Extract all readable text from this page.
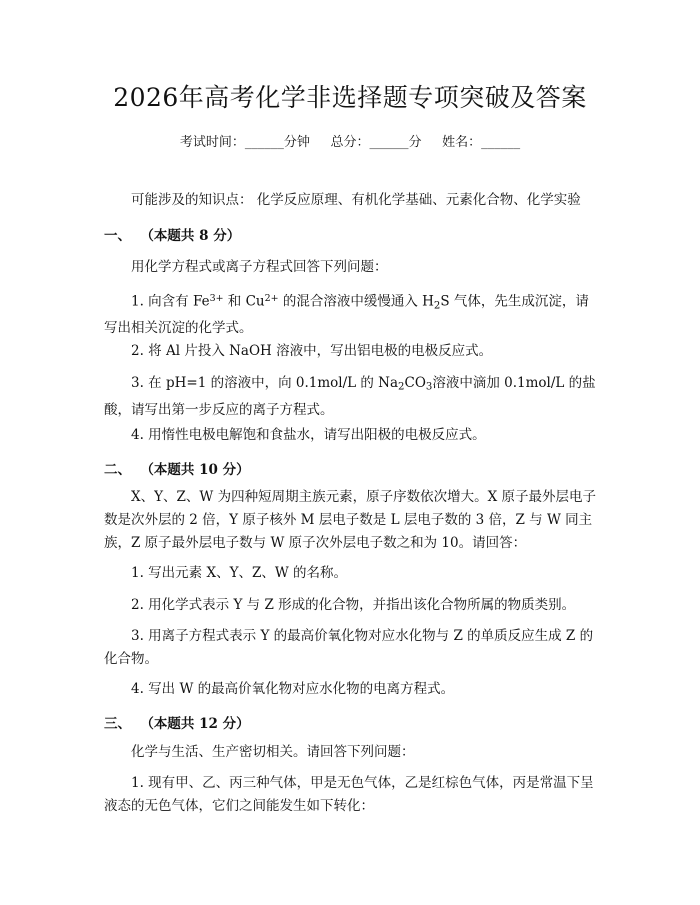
2026年高考化学非选择题专项突破及答案
考试时间：______分钟     总分：______分     姓名：______
可能涉及的知识点： 化学反应原理、有机化学基础、元素化合物、化学实验
一、  （本题共 8 分）
用化学方程式或离子方程式回答下列问题：
1. 向含有 $Fe^{3+}$ 和 $Cu^{2+}$ 的混合溶液中缓慢通入 $H_2S$ 气体，先生成沉淀，请写出相关沉淀的化学式。
2. 将 Al 片投入 NaOH 溶液中，写出铝电极的电极反应式。
3. 在 pH=1 的溶液中，向 0.1mol/L 的 $Na_2CO_3$溶液中滴加 0.1mol/L 的盐酸，请写出第一步反应的离子方程式。
4. 用惰性电极电解饱和食盐水，请写出阳极的电极反应式。
二、  （本题共 10 分）
X、Y、Z、W 为四种短周期主族元素，原子序数依次增大。X 原子最外层电子数是次外层的 2 倍，Y 原子核外 M 层电子数是 L 层电子数的 3 倍，Z 与 W 同主族，Z 原子最外层电子数与 W 原子次外层电子数之和为 10。请回答：
1. 写出元素 X、Y、Z、W 的名称。
2. 用化学式表示 Y 与 Z 形成的化合物，并指出该化合物所属的物质类别。
3. 用离子方程式表示 Y 的最高价氧化物对应水化物与 Z 的单质反应生成 Z 的化合物。
4. 写出 W 的最高价氧化物对应水化物的电离方程式。
三、  （本题共 12 分）
化学与生活、生产密切相关。请回答下列问题：
1. 现有甲、乙、丙三种气体，甲是无色气体，乙是红棕色气体，丙是常温下呈液态的无色气体，它们之间能发生如下转化：
